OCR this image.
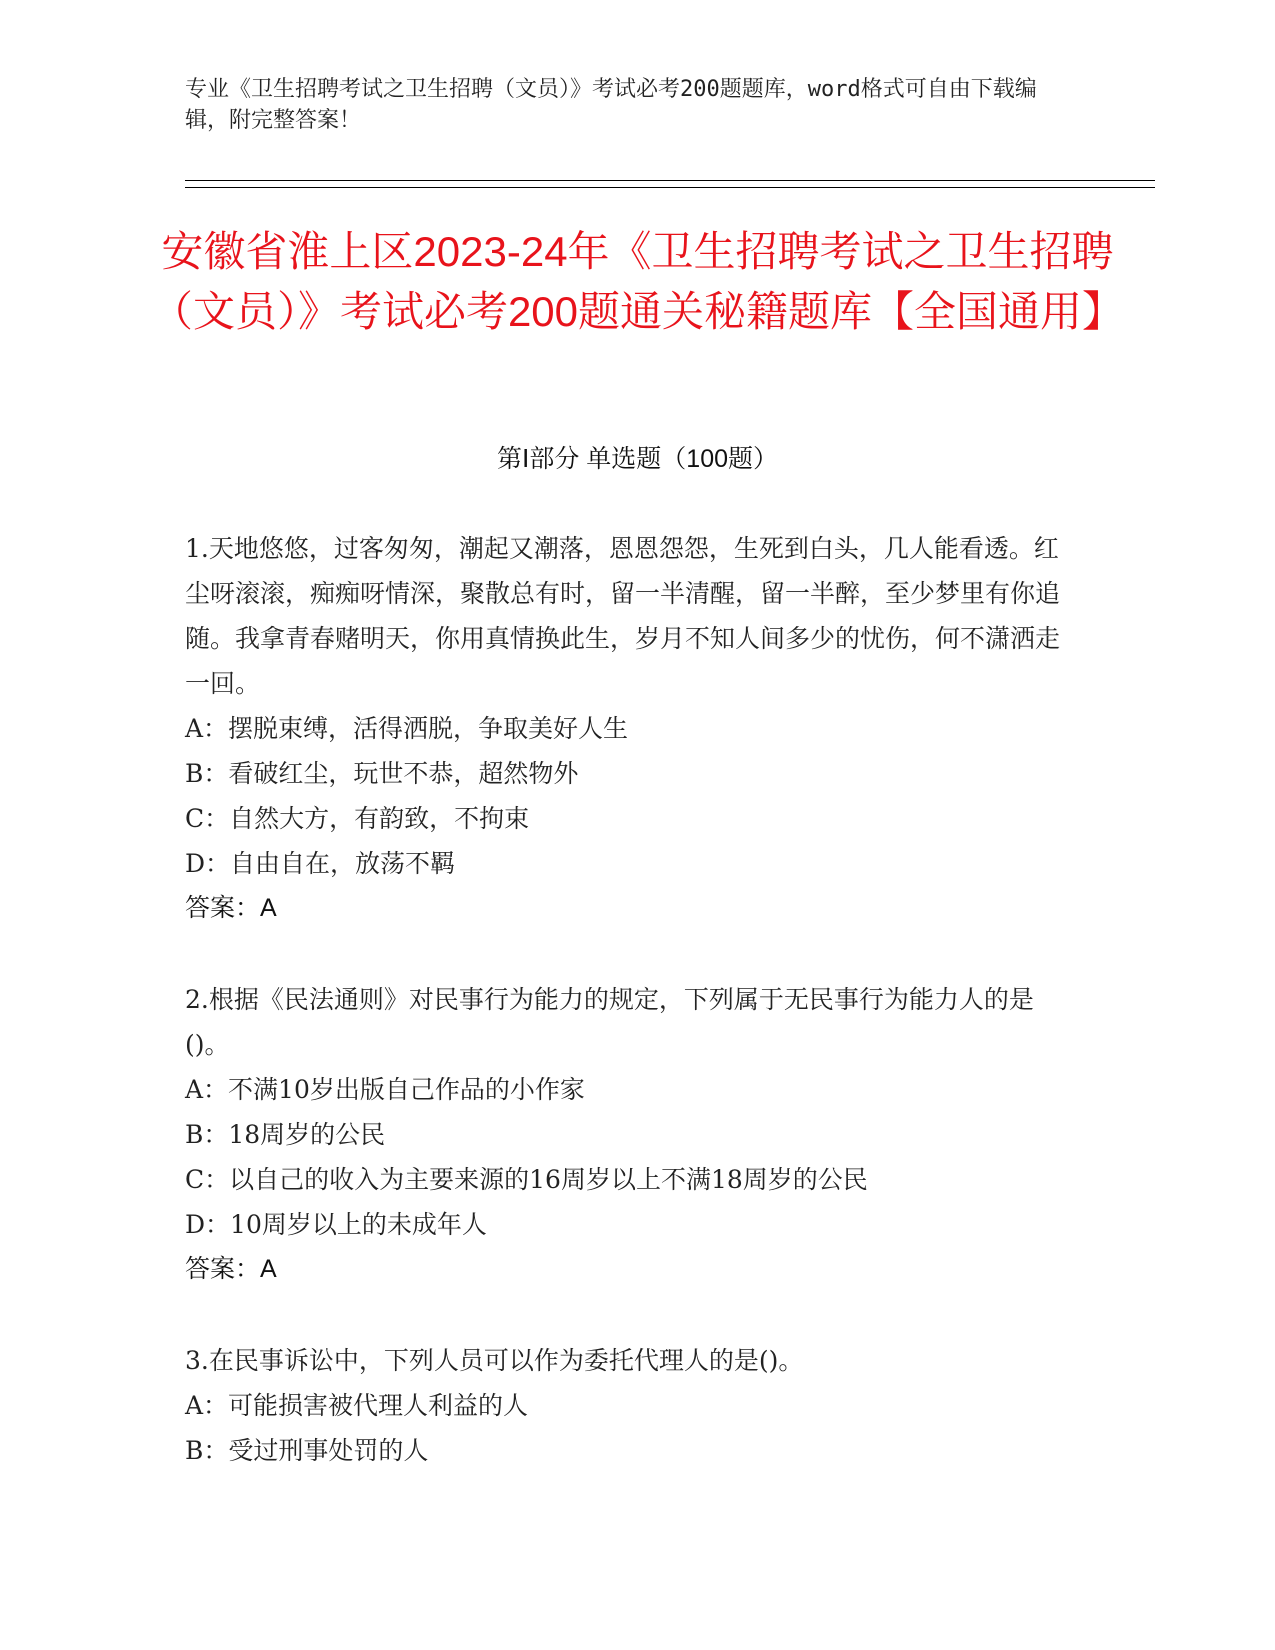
专业《卫生招聘考试之卫生招聘（文员）》考试必考200题题库，word格式可自由下载编辑，附完整答案！
安徽省淮上区2023-24年《卫生招聘考试之卫生招聘（文员）》考试必考200题通关秘籍题库【全国通用】
第Ⅰ部分 单选题（100题）

1.天地悠悠，过客匆匆，潮起又潮落，恩恩怨怨，生死到白头，几人能看透。红尘呀滚滚，痴痴呀情深，聚散总有时，留一半清醒，留一半醉，至少梦里有你追随。我拿青春赌明天，你用真情换此生，岁月不知人间多少的忧伤，何不潇洒走一回。

A：摆脱束缚，活得洒脱，争取美好人生

B：看破红尘，玩世不恭，超然物外

C：自然大方，有韵致，不拘束

D：自由自在，放荡不羁

答案：A

2.根据《民法通则》对民事行为能力的规定，下列属于无民事行为能力人的是()。

A：不满10岁出版自己作品的小作家

B：18周岁的公民

C：以自己的收入为主要来源的16周岁以上不满18周岁的公民

D：10周岁以上的未成年人

答案：A

3.在民事诉讼中，下列人员可以作为委托代理人的是()。

A：可能损害被代理人利益的人

B：受过刑事处罚的人
